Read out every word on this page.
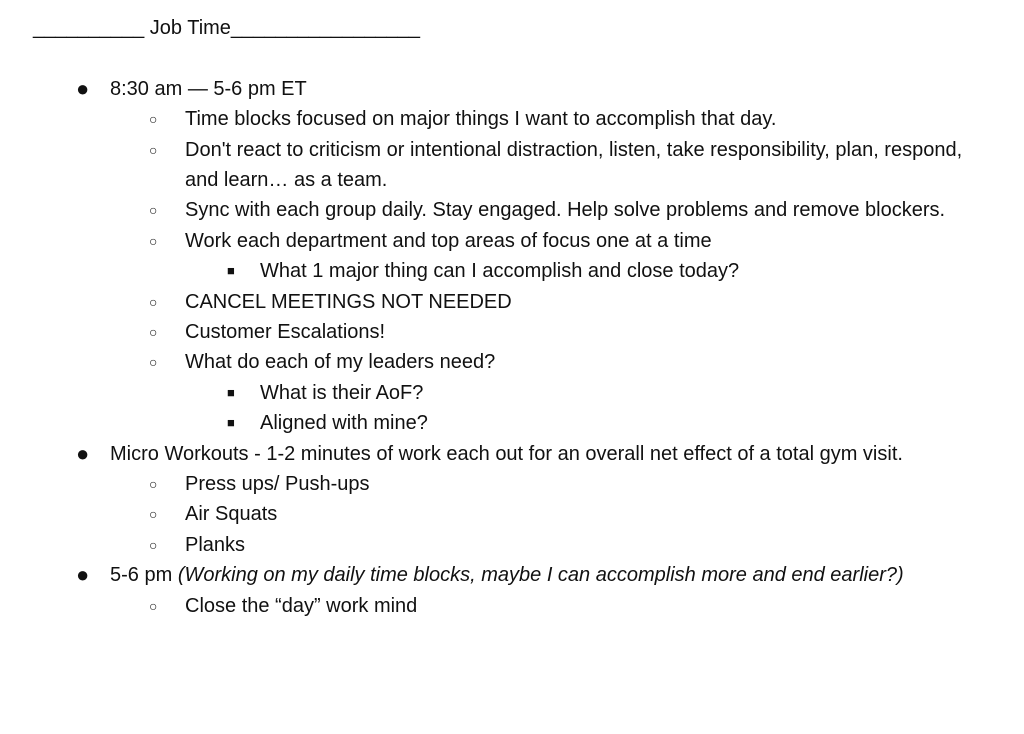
__________ Job Time_________________
● 8:30 am — 5-6 pm ET
○ Time blocks focused on major things I want to accomplish that day.
○ Don't react to criticism or intentional distraction, listen, take responsibility, plan, respond, and learn… as a team.
○ Sync with each group daily. Stay engaged. Help solve problems and remove blockers.
○ Work each department and top areas of focus one at a time
■ What 1 major thing can I accomplish and close today?
○ CANCEL MEETINGS NOT NEEDED
○ Customer Escalations!
○ What do each of my leaders need?
■ What is their AoF?
■ Aligned with mine?
● Micro Workouts - 1-2 minutes of work each out for an overall net effect of a total gym visit.
○ Press ups/ Push-ups
○ Air Squats
○ Planks
● 5-6 pm (Working on my daily time blocks, maybe I can accomplish more and end earlier?)
○ Close the “day” work mind
